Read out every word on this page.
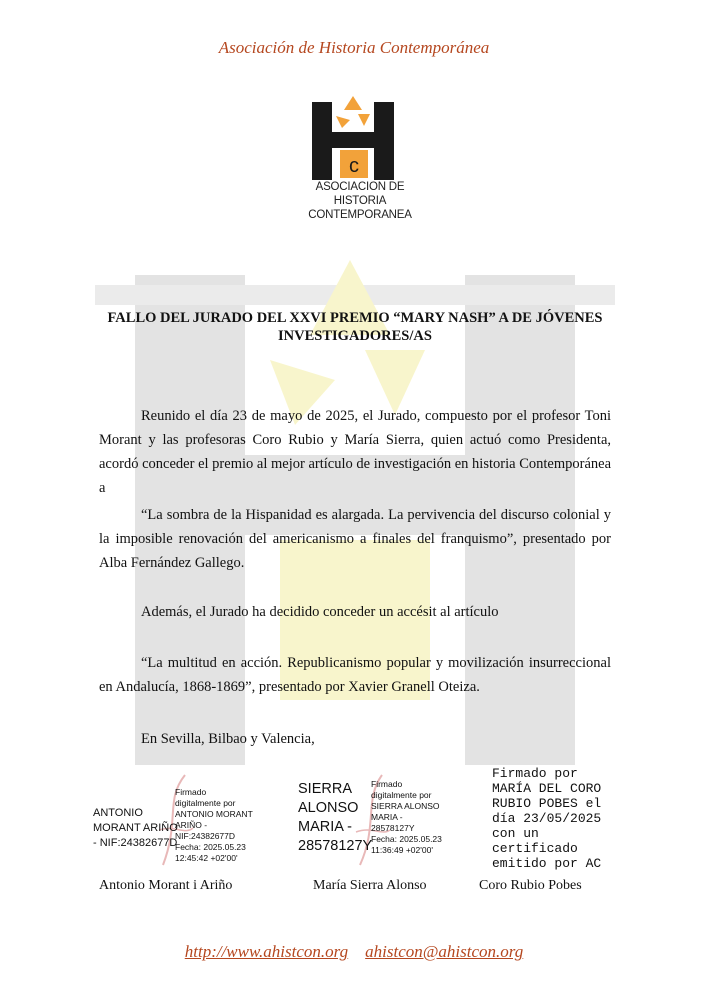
Asociación de Historia Contemporánea
c
ASOCIACION DE
HISTORIA
CONTEMPORANEA
FALLO DEL JURADO DEL XXVI PREMIO “MARY NASH” A DE JÓVENES
INVESTIGADORES/AS
Reunido el día 23 de mayo de 2025, el Jurado, compuesto por el profesor Toni Morant y las profesoras Coro Rubio y María Sierra, quien actuó como Presidenta, acordó conceder el premio al mejor artículo de investigación en historia Contemporánea a
“La sombra de la Hispanidad es alargada. La pervivencia del discurso colonial y la imposible renovación del americanismo a finales del franquismo”, presentado por Alba Fernández Gallego.
Además, el Jurado ha decidido conceder un accésit al artículo
“La multitud en acción. Republicanismo popular y movilización insurreccional en Andalucía, 1868-1869”, presentado por Xavier Granell Oteiza.
En Sevilla, Bilbao y Valencia,
ANTONIO
MORANT ARIÑO
- NIF:24382677D
Firmado
digitalmente por
ANTONIO MORANT
ARIÑO -
NIF:24382677D
Fecha: 2025.05.23
12:45:42 +02'00'
SIERRA
ALONSO
MARIA -
28578127Y
Firmado
digitalmente por
SIERRA ALONSO
MARIA -
28578127Y
Fecha: 2025.05.23
11:36:49 +02'00'
Firmado por
MARÍA DEL CORO
RUBIO POBES el
día 23/05/2025
con un
certificado
emitido por AC
Antonio Morant i Ariño	María Sierra Alonso	Coro Rubio Pobes
http://www.ahistcon.org ahistcon@ahistcon.org
